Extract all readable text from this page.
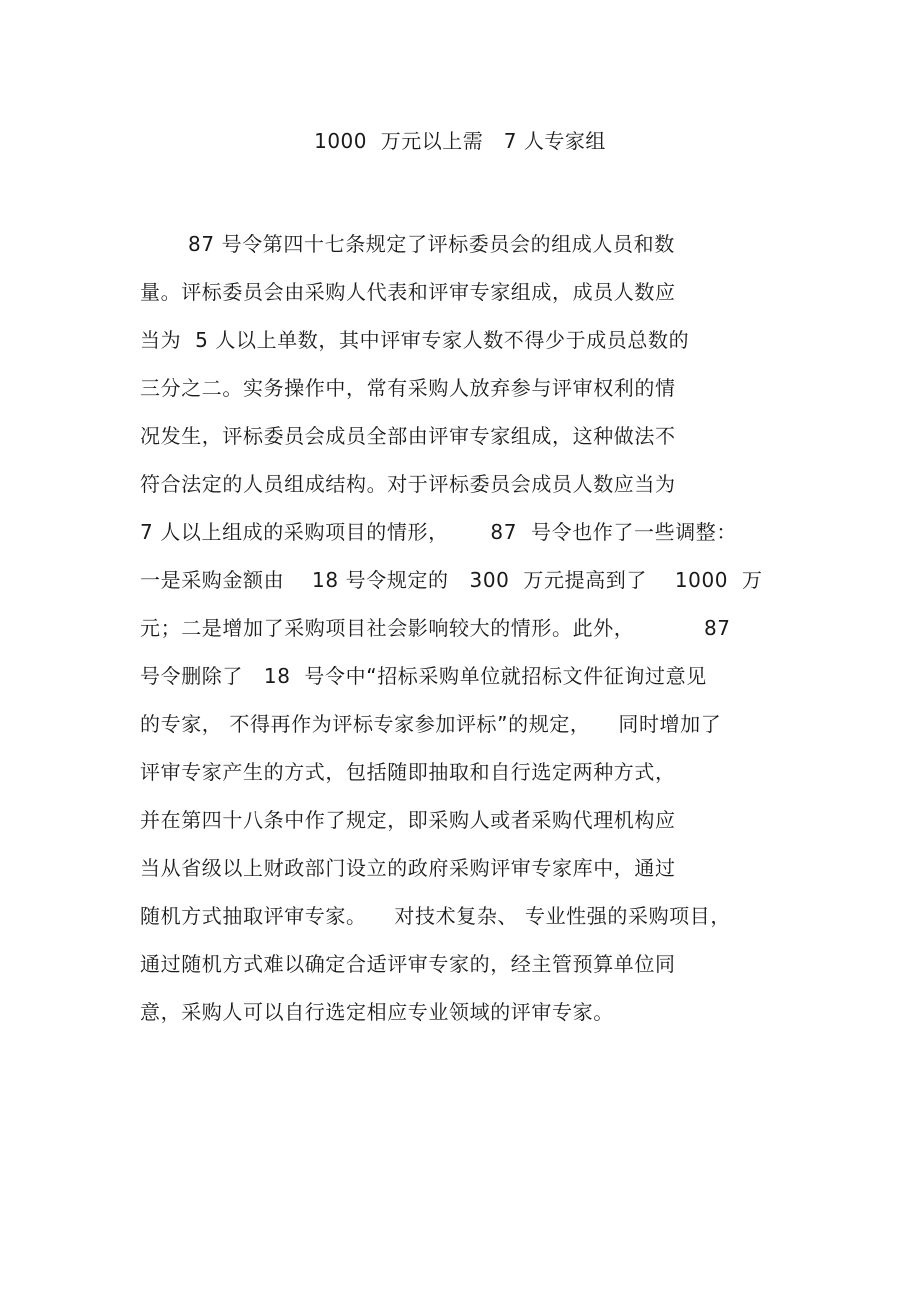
1000  万元以上需   7 人专家组
87 号令第四十七条规定了评标委员会的组成人员和数
量。评标委员会由采购人代表和评审专家组成，成员人数应
当为  5 人以上单数，其中评审专家人数不得少于成员总数的
三分之二。实务操作中，常有采购人放弃参与评审权利的情
况发生，评标委员会成员全部由评审专家组成，这种做法不
符合法定的人员组成结构。对于评标委员会成员人数应当为
7 人以上组成的采购项目的情形，      87  号令也作了一些调整：
一是采购金额由    18 号令规定的   300  万元提高到了    1000  万
元；二是增加了采购项目社会影响较大的情形。此外，          87
号令删除了   18  号令中“招标采购单位就招标文件征询过意见
的专家， 不得再作为评标专家参加评标”的规定，    同时增加了
评审专家产生的方式，包括随即抽取和自行选定两种方式，
并在第四十八条中作了规定，即采购人或者采购代理机构应
当从省级以上财政部门设立的政府采购评审专家库中，通过
随机方式抽取评审专家。    对技术复杂、 专业性强的采购项目，
通过随机方式难以确定合适评审专家的，经主管预算单位同
意，采购人可以自行选定相应专业领域的评审专家。
